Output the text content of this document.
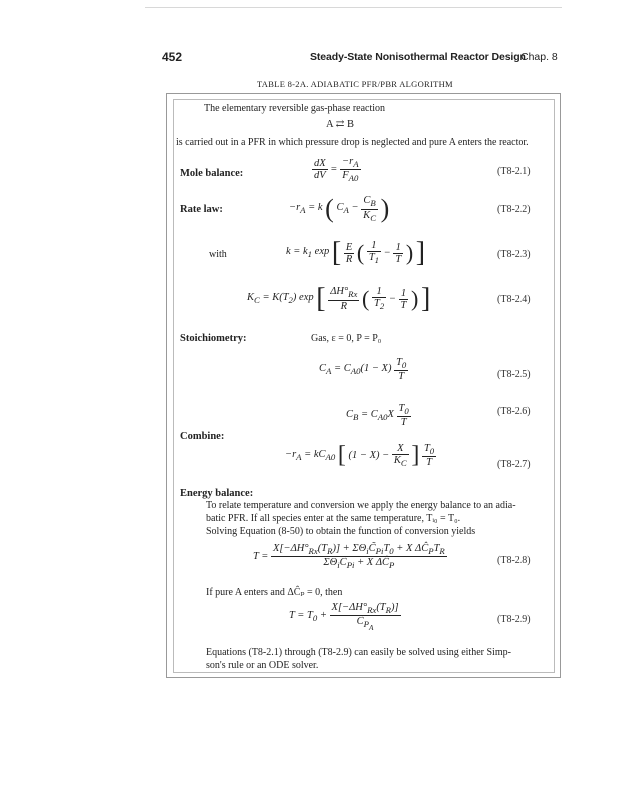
452	Steady-State Nonisothermal Reactor Design
Chap. 8
TABLE 8-2A. ADIABATIC PFR/PBR ALGORITHM
The elementary reversible gas-phase reaction
A ⇄ B
is carried out in a PFR in which pressure drop is neglected and pure A enters the reactor.
Mole balance:	$\frac{dX}{dV} = \frac{-r_A}{F_{A0}}$	(T8-2.1)
Rate law:	$-r_A = k$ ( $C_A - \frac{C_B}{K_C}$ )	(T8-2.2)
with	$k = k_1$ exp [ $\frac{E}{R}$ ( $\frac{1}{T_1} - \frac{1}{T}$ ) ]	(T8-2.3)
$K_C = K(T_2)$ exp [ $\frac{\Delta H^\circ_{Rx}}{R}$ ( $\frac{1}{T_2} - \frac{1}{T}$ ) ]	(T8-2.4)
Stoichiometry:	Gas, ε = 0, P = P₀
$C_A = C_{A0}(1 - X) \frac{T_0}{T}$	(T8-2.5)
$C_B = C_{A0}X \frac{T_0}{T}$	(T8-2.6)
Combine:
$-r_A = kC_{A0}$ [ $(1 - X) - \frac{X}{K_C}$ ] $\frac{T_0}{T}$	(T8-2.7)
Energy balance:
To relate temperature and conversion we apply the energy balance to an adia-
batic PFR. If all species enter at the same temperature, Tᵢ₀ = T₀.
Solving Equation (8-50) to obtain the function of conversion yields
$T = \frac{X[-\Delta H^\circ_{Rx}(T_R)] + \Sigma\Theta_iC̃_{Pi}T_0 + X \Delta Ĉ_PT_R}{\Sigma\Theta_iC̃_{Pi} + X \Delta Ĉ_P}$	(T8-2.8)
If pure A enters and ΔĈₚ = 0, then
$T = T_0 + \frac{X[-\Delta H^\circ_{Rx}(T_R)]}{C̃_{P_A}}$	(T8-2.9)
Equations (T8-2.1) through (T8-2.9) can easily be solved using either Simp-
son's rule or an ODE solver.
